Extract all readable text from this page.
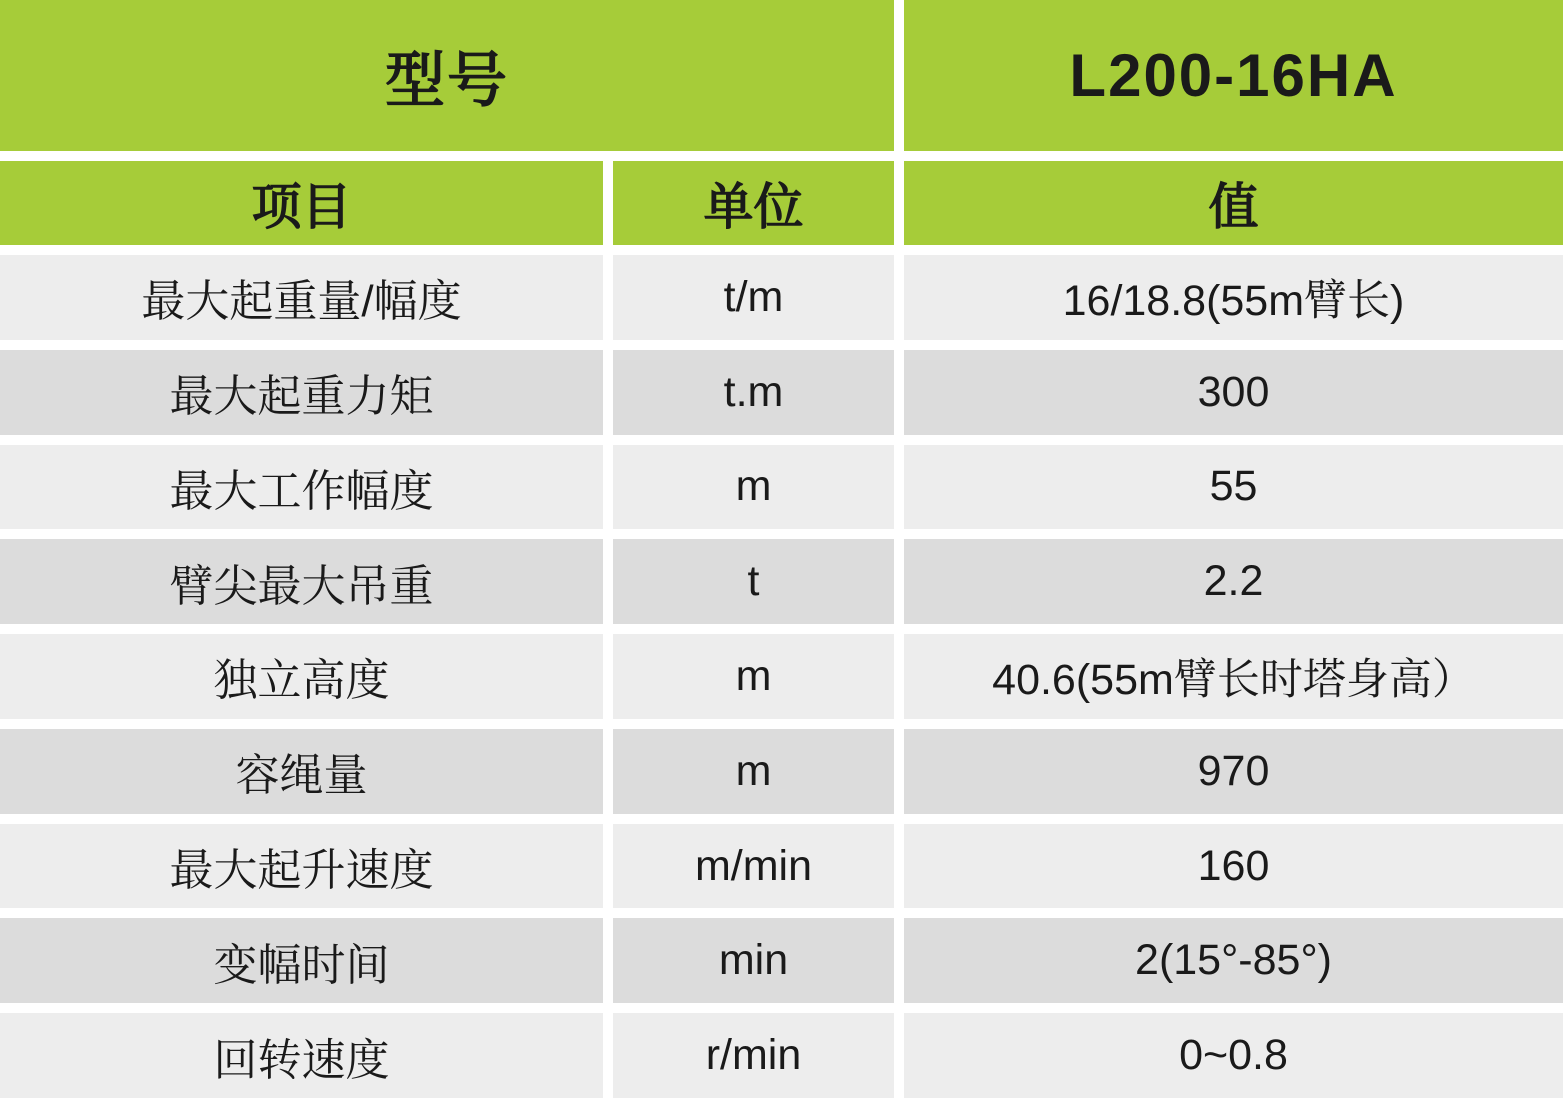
型号	L200-16HA
项目	单位	值
最大起重量/幅度	t/m	16/18.8(55m臂长)
最大起重力矩	t.m	300
最大工作幅度	m	55
臂尖最大吊重	t	2.2
独立高度	m	40.6(55m臂长时塔身高）
容绳量	m	970
最大起升速度	m/min	160
变幅时间	min	2(15°-85°)
回转速度	r/min	0~0.8
